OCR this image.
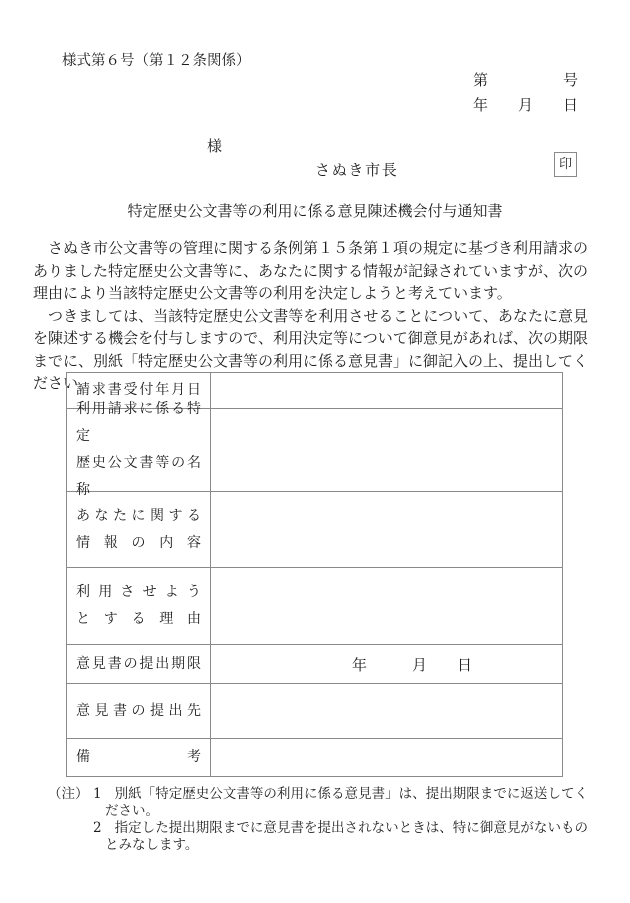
様式第６号（第１２条関係）
第　　　　　号
年　　月　　日
様
さぬき市長	印
特定歴史公文書等の利用に係る意見陳述機会付与通知書

さぬき市公文書等の管理に関する条例第１５条第１項の規定に基づき利用請求のありました特定歴史公文書等に、あなたに関する情報が記録されていますが、次の理由により当該特定歴史公文書等の利用を決定しようと考えています。

つきましては、当該特定歴史公文書等を利用させることについて、あなたに意見を陳述する機会を付与しますので、利用決定等について御意見があれば、次の期限までに、別紙「特定歴史公文書等の利用に係る意見書」に御記入の上、提出してください。

請求書受付年月日
利用請求に係る特定
歴史公文書等の名称
あなたに関する
情報の内容
利用させよう
とする理由
意見書の提出期限	年　　　月　　日
意見書の提出先
備考
（注） 1 別紙「特定歴史公文書等の利用に係る意見書」は、提出期限までに返送してください。
2 指定した提出期限までに意見書を提出されないときは、特に御意見がないものとみなします。
